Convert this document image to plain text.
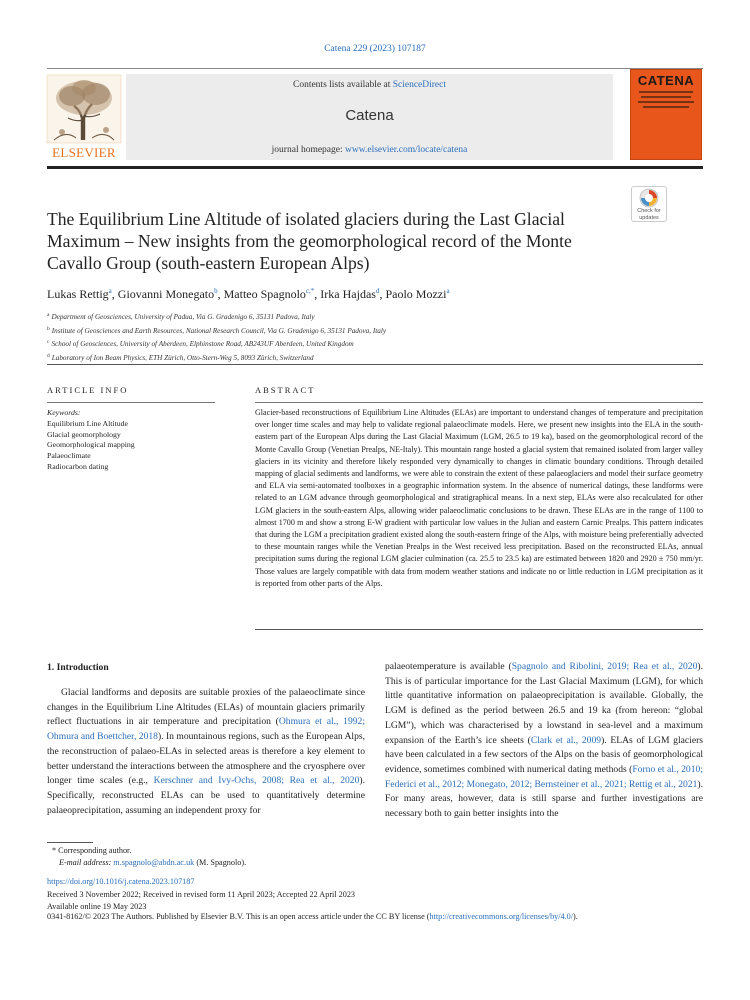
Catena 229 (2023) 107187
ELSEVIER
Contents lists available at ScienceDirect
Catena
journal homepage: www.elsevier.com/locate/catena
CATENA
The Equilibrium Line Altitude of isolated glaciers during the Last Glacial Maximum – New insights from the geomorphological record of the Monte Cavallo Group (south-eastern European Alps)
Check for updates
Lukas Rettig$^a$, Giovanni Monegato$^b$, Matteo Spagnolo$^{c,*}$, Irka Hajdas$^d$, Paolo Mozzi$^a$
$^a$ Department of Geosciences, University of Padua, Via G. Gradenigo 6, 35131 Padova, Italy
$^b$ Institute of Geosciences and Earth Resources, National Research Council, Via G. Gradenigo 6, 35131 Padova, Italy
$^c$ School of Geosciences, University of Aberdeen, Elphinstone Road, AB243UF Aberdeen, United Kingdom
$^d$ Laboratory of Ion Beam Physics, ETH Zürich, Otto-Stern-Weg 5, 8093 Zürich, Switzerland
ARTICLE INFO
Keywords:
Equilibrium Line Altitude
Glacial geomorphology
Geomorphological mapping
Palaeoclimate
Radiocarbon dating
ABSTRACT
Glacier-based reconstructions of Equilibrium Line Altitudes (ELAs) are important to understand changes of temperature and precipitation over longer time scales and may help to validate regional palaeoclimate models. Here, we present new insights into the ELA in the south-eastern part of the European Alps during the Last Glacial Maximum (LGM, 26.5 to 19 ka), based on the geomorphological record of the Monte Cavallo Group (Venetian Prealps, NE-Italy). This mountain range hosted a glacial system that remained isolated from larger valley glaciers in its vicinity and therefore likely responded very dynamically to changes in climatic boundary conditions. Through detailed mapping of glacial sediments and landforms, we were able to constrain the extent of these palaeoglaciers and model their surface geometry and ELA via semi-automated toolboxes in a geographic information system. In the absence of numerical datings, these landforms were related to an LGM advance through geomorphological and stratigraphical means. In a next step, ELAs were also recalculated for other LGM glaciers in the south-eastern Alps, allowing wider palaeoclimatic conclusions to be drawn. These ELAs are in the range of 1100 to almost 1700 m and show a strong E-W gradient with particular low values in the Julian and eastern Carnic Prealps. This pattern indicates that during the LGM a precipitation gradient existed along the south-eastern fringe of the Alps, with moisture being preferentially advected to these mountain ranges while the Venetian Prealps in the West received less precipitation. Based on the reconstructed ELAs, annual precipitation sums during the regional LGM glacier culmination (ca. 25.5 to 23.5 ka) are estimated between 1820 and 2920 ± 750 mm/yr. Those values are largely compatible with data from modern weather stations and indicate no or little reduction in LGM precipitation as it is reported from other parts of the Alps.
1. Introduction
Glacial landforms and deposits are suitable proxies of the palaeoclimate since changes in the Equilibrium Line Altitudes (ELAs) of mountain glaciers primarily reflect fluctuations in air temperature and precipitation (Ohmura et al., 1992; Ohmura and Boettcher, 2018). In mountainous regions, such as the European Alps, the reconstruction of palaeo-ELAs in selected areas is therefore a key element to better understand the interactions between the atmosphere and the cryosphere over longer time scales (e.g., Kerschner and Ivy-Ochs, 2008; Rea et al., 2020). Specifically, reconstructed ELAs can be used to quantitatively determine palaeoprecipitation, assuming an independent proxy for
palaeotemperature is available (Spagnolo and Ribolini, 2019; Rea et al., 2020). This is of particular importance for the Last Glacial Maximum (LGM), for which little quantitative information on palaeoprecipitation is available. Globally, the LGM is defined as the period between 26.5 and 19 ka (from hereon: “global LGM”), which was characterised by a lowstand in sea-level and a maximum expansion of the Earth’s ice sheets (Clark et al., 2009). ELAs of LGM glaciers have been calculated in a few sectors of the Alps on the basis of geomorphological evidence, sometimes combined with numerical dating methods (Forno et al., 2010; Federici et al., 2012; Monegato, 2012; Bernsteiner et al., 2021; Rettig et al., 2021). For many areas, however, data is still sparse and further investigations are necessary both to gain better insights into the
* Corresponding author.
E-mail address: m.spagnolo@abdn.ac.uk (M. Spagnolo).
https://doi.org/10.1016/j.catena.2023.107187
Received 3 November 2022; Received in revised form 11 April 2023; Accepted 22 April 2023
Available online 19 May 2023
0341-8162/© 2023 The Authors. Published by Elsevier B.V. This is an open access article under the CC BY license (http://creativecommons.org/licenses/by/4.0/).
